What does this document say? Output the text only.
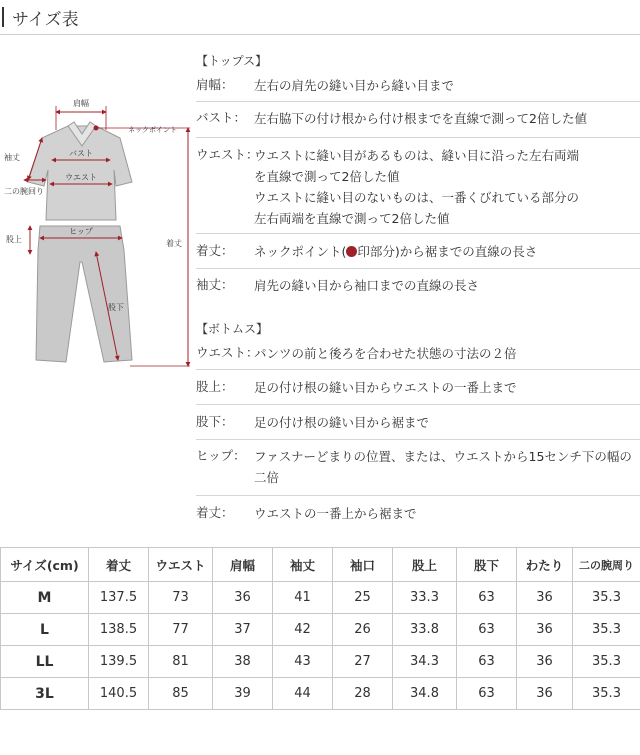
サイズ表
肩幅
ネックポイント
袖丈
二の腕回り
バスト
ウエスト
ヒップ
股上
股下
着丈
【トップス】
肩幅： 左右の肩先の縫い目から縫い目まで
バスト： 左右脇下の付け根から付け根までを直線で測って2倍した値
ウエスト：
ウエストに縫い目があるものは、縫い目に沿った左右両端
を直線で測って2倍した値
ウエストに縫い目のないものは、一番くびれている部分の
左右両端を直線で測って2倍した値
着丈： ネックポイント( 印部分)から裾までの直線の長さ
袖丈： 肩先の縫い目から袖口までの直線の長さ
【ボトムス】
ウエスト：
パンツの前と後ろを合わせた状態の寸法の２倍
股上： 足の付け根の縫い目からウエストの一番上まで
股下： 足の付け根の縫い目から裾まで
ヒップ： ファスナーどまりの位置、または、ウエストから15センチ下の幅の
二倍
着丈： ウエストの一番上から裾まで
サイズ(cm)	着丈	ウエスト	肩幅	袖丈	袖口	股上	股下	わたり	二の腕周り
M	137.5	73	36	41	25	33.3	63	36	35.3
L	138.5	77	37	42	26	33.8	63	36	35.3
LL	139.5	81	38	43	27	34.3	63	36	35.3
3L	140.5	85	39	44	28	34.8	63	36	35.3
